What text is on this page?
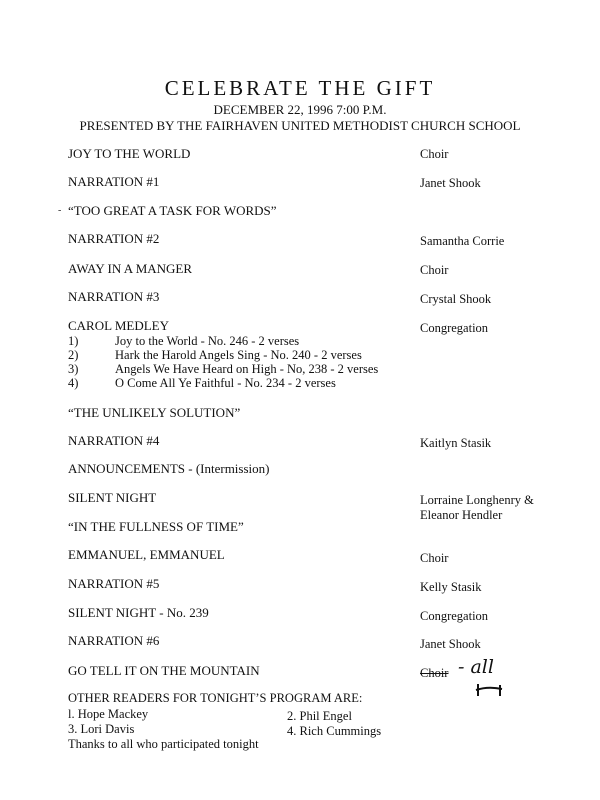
CELEBRATE THE GIFT
DECEMBER 22, 1996 7:00 P.M.
PRESENTED BY THE FAIRHAVEN UNITED METHODIST CHURCH SCHOOL
JOY TO THE WORLD	Choir
NARRATION #1	Janet Shook
- “TOO GREAT A TASK FOR WORDS”
NARRATION #2	Samantha Corrie
AWAY IN A MANGER	Choir
NARRATION #3	Crystal Shook
CAROL MEDLEY	Congregation
1)	Joy to the World - No. 246 - 2 verses
2)	Hark the Harold Angels Sing - No. 240 - 2 verses
3)	Angels We Have Heard on High - No, 238 - 2 verses
4)	O Come All Ye Faithful - No. 234 - 2 verses
“THE UNLIKELY SOLUTION”
NARRATION #4	Kaitlyn Stasik
ANNOUNCEMENTS - (Intermission)
SILENT NIGHT	Lorraine Longhenry &
Eleanor Hendler
“IN THE FULLNESS OF TIME”
EMMANUEL, EMMANUEL	Choir
NARRATION #5	Kelly Stasik
SILENT NIGHT - No. 239	Congregation
NARRATION #6	Janet Shook
GO TELL IT ON THE MOUNTAIN	Choir - all
OTHER READERS FOR TONIGHT’S PROGRAM ARE:
l. Hope Mackey	2. Phil Engel
3. Lori Davis	4. Rich Cummings
Thanks to all who participated tonight
